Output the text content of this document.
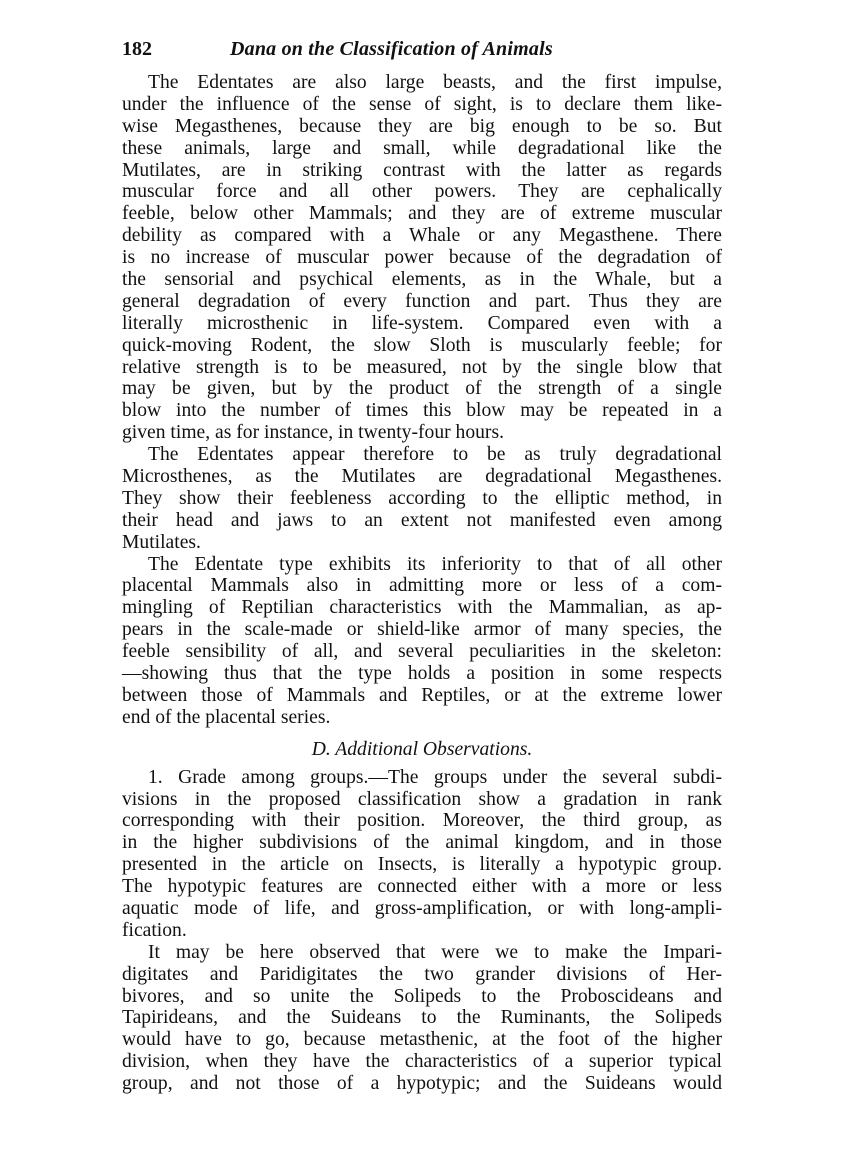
182	Dana on the Classification of Animals
The Edentates are also large beasts, and the first impulse,
under the influence of the sense of sight, is to declare them like-
wise Megasthenes, because they are big enough to be so. But
these animals, large and small, while degradational like the
Mutilates, are in striking contrast with the latter as regards
muscular force and all other powers. They are cephalically
feeble, below other Mammals; and they are of extreme muscular
debility as compared with a Whale or any Megasthene. There
is no increase of muscular power because of the degradation of
the sensorial and psychical elements, as in the Whale, but a
general degradation of every function and part. Thus they are
literally microsthenic in life-system. Compared even with a
quick-moving Rodent, the slow Sloth is muscularly feeble; for
relative strength is to be measured, not by the single blow that
may be given, but by the product of the strength of a single
blow into the number of times this blow may be repeated in a
given time, as for instance, in twenty-four hours.
The Edentates appear therefore to be as truly degradational
Microsthenes, as the Mutilates are degradational Megasthenes.
They show their feebleness according to the elliptic method, in
their head and jaws to an extent not manifested even among
Mutilates.
The Edentate type exhibits its inferiority to that of all other
placental Mammals also in admitting more or less of a com-
mingling of Reptilian characteristics with the Mammalian, as ap-
pears in the scale-made or shield-like armor of many species, the
feeble sensibility of all, and several peculiarities in the skeleton:
—showing thus that the type holds a position in some respects
between those of Mammals and Reptiles, or at the extreme lower
end of the placental series.
D. Additional Observations.
1. Grade among groups.—The groups under the several subdi-
visions in the proposed classification show a gradation in rank
corresponding with their position. Moreover, the third group, as
in the higher subdivisions of the animal kingdom, and in those
presented in the article on Insects, is literally a hypotypic group.
The hypotypic features are connected either with a more or less
aquatic mode of life, and gross-amplification, or with long-ampli-
fication.
It may be here observed that were we to make the Impari-
digitates and Paridigitates the two grander divisions of Her-
bivores, and so unite the Solipeds to the Proboscideans and
Tapirideans, and the Suideans to the Ruminants, the Solipeds
would have to go, because metasthenic, at the foot of the higher
division, when they have the characteristics of a superior typical
group, and not those of a hypotypic; and the Suideans would
